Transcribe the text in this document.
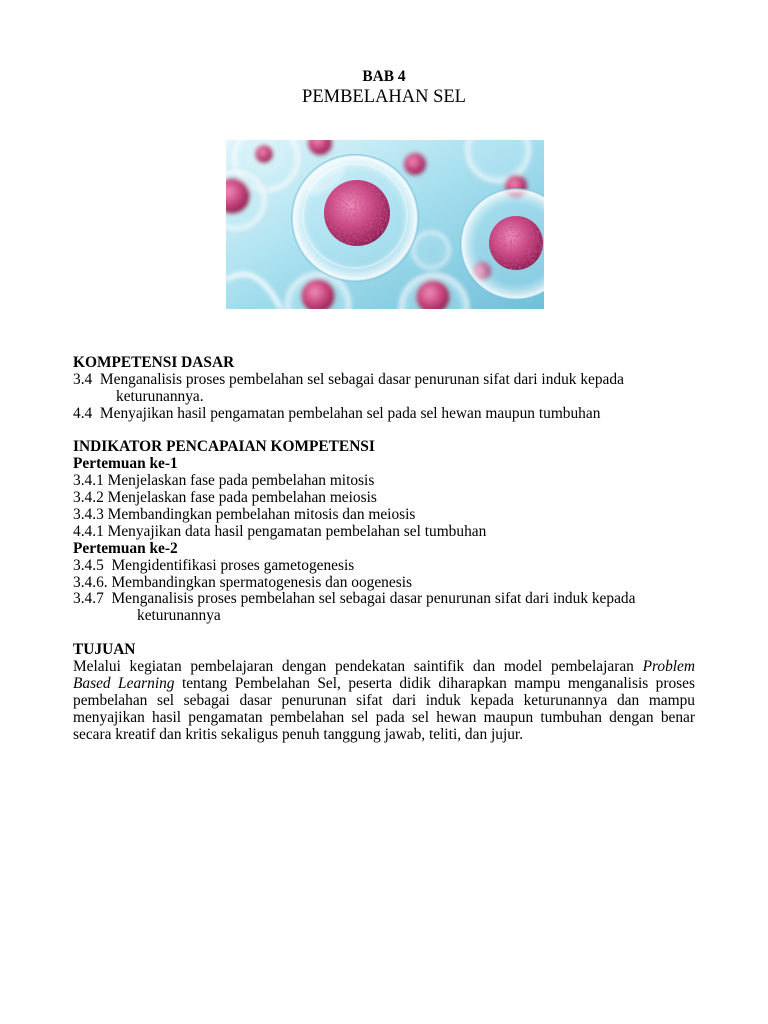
BAB 4
PEMBELAHAN SEL
KOMPETENSI DASAR
3.4  Menganalisis proses pembelahan sel sebagai dasar penurunan sifat dari induk kepada
keturunannya.
4.4  Menyajikan hasil pengamatan pembelahan sel pada sel hewan maupun tumbuhan
INDIKATOR PENCAPAIAN KOMPETENSI
Pertemuan ke-1
3.4.1 Menjelaskan fase pada pembelahan mitosis
3.4.2 Menjelaskan fase pada pembelahan meiosis
3.4.3 Membandingkan pembelahan mitosis dan meiosis
4.4.1 Menyajikan data hasil pengamatan pembelahan sel tumbuhan
Pertemuan ke-2
3.4.5  Mengidentifikasi proses gametogenesis
3.4.6. Membandingkan spermatogenesis dan oogenesis
3.4.7  Menganalisis proses pembelahan sel sebagai dasar penurunan sifat dari induk kepada
keturunannya
TUJUAN
Melalui kegiatan pembelajaran dengan pendekatan saintifik dan model pembelajaran Problem
Based Learning tentang Pembelahan Sel, peserta didik diharapkan mampu menganalisis proses
pembelahan sel sebagai dasar penurunan sifat dari induk kepada keturunannya dan mampu
menyajikan hasil pengamatan pembelahan sel pada sel hewan maupun tumbuhan dengan benar
secara kreatif dan kritis sekaligus penuh tanggung jawab, teliti, dan jujur.
